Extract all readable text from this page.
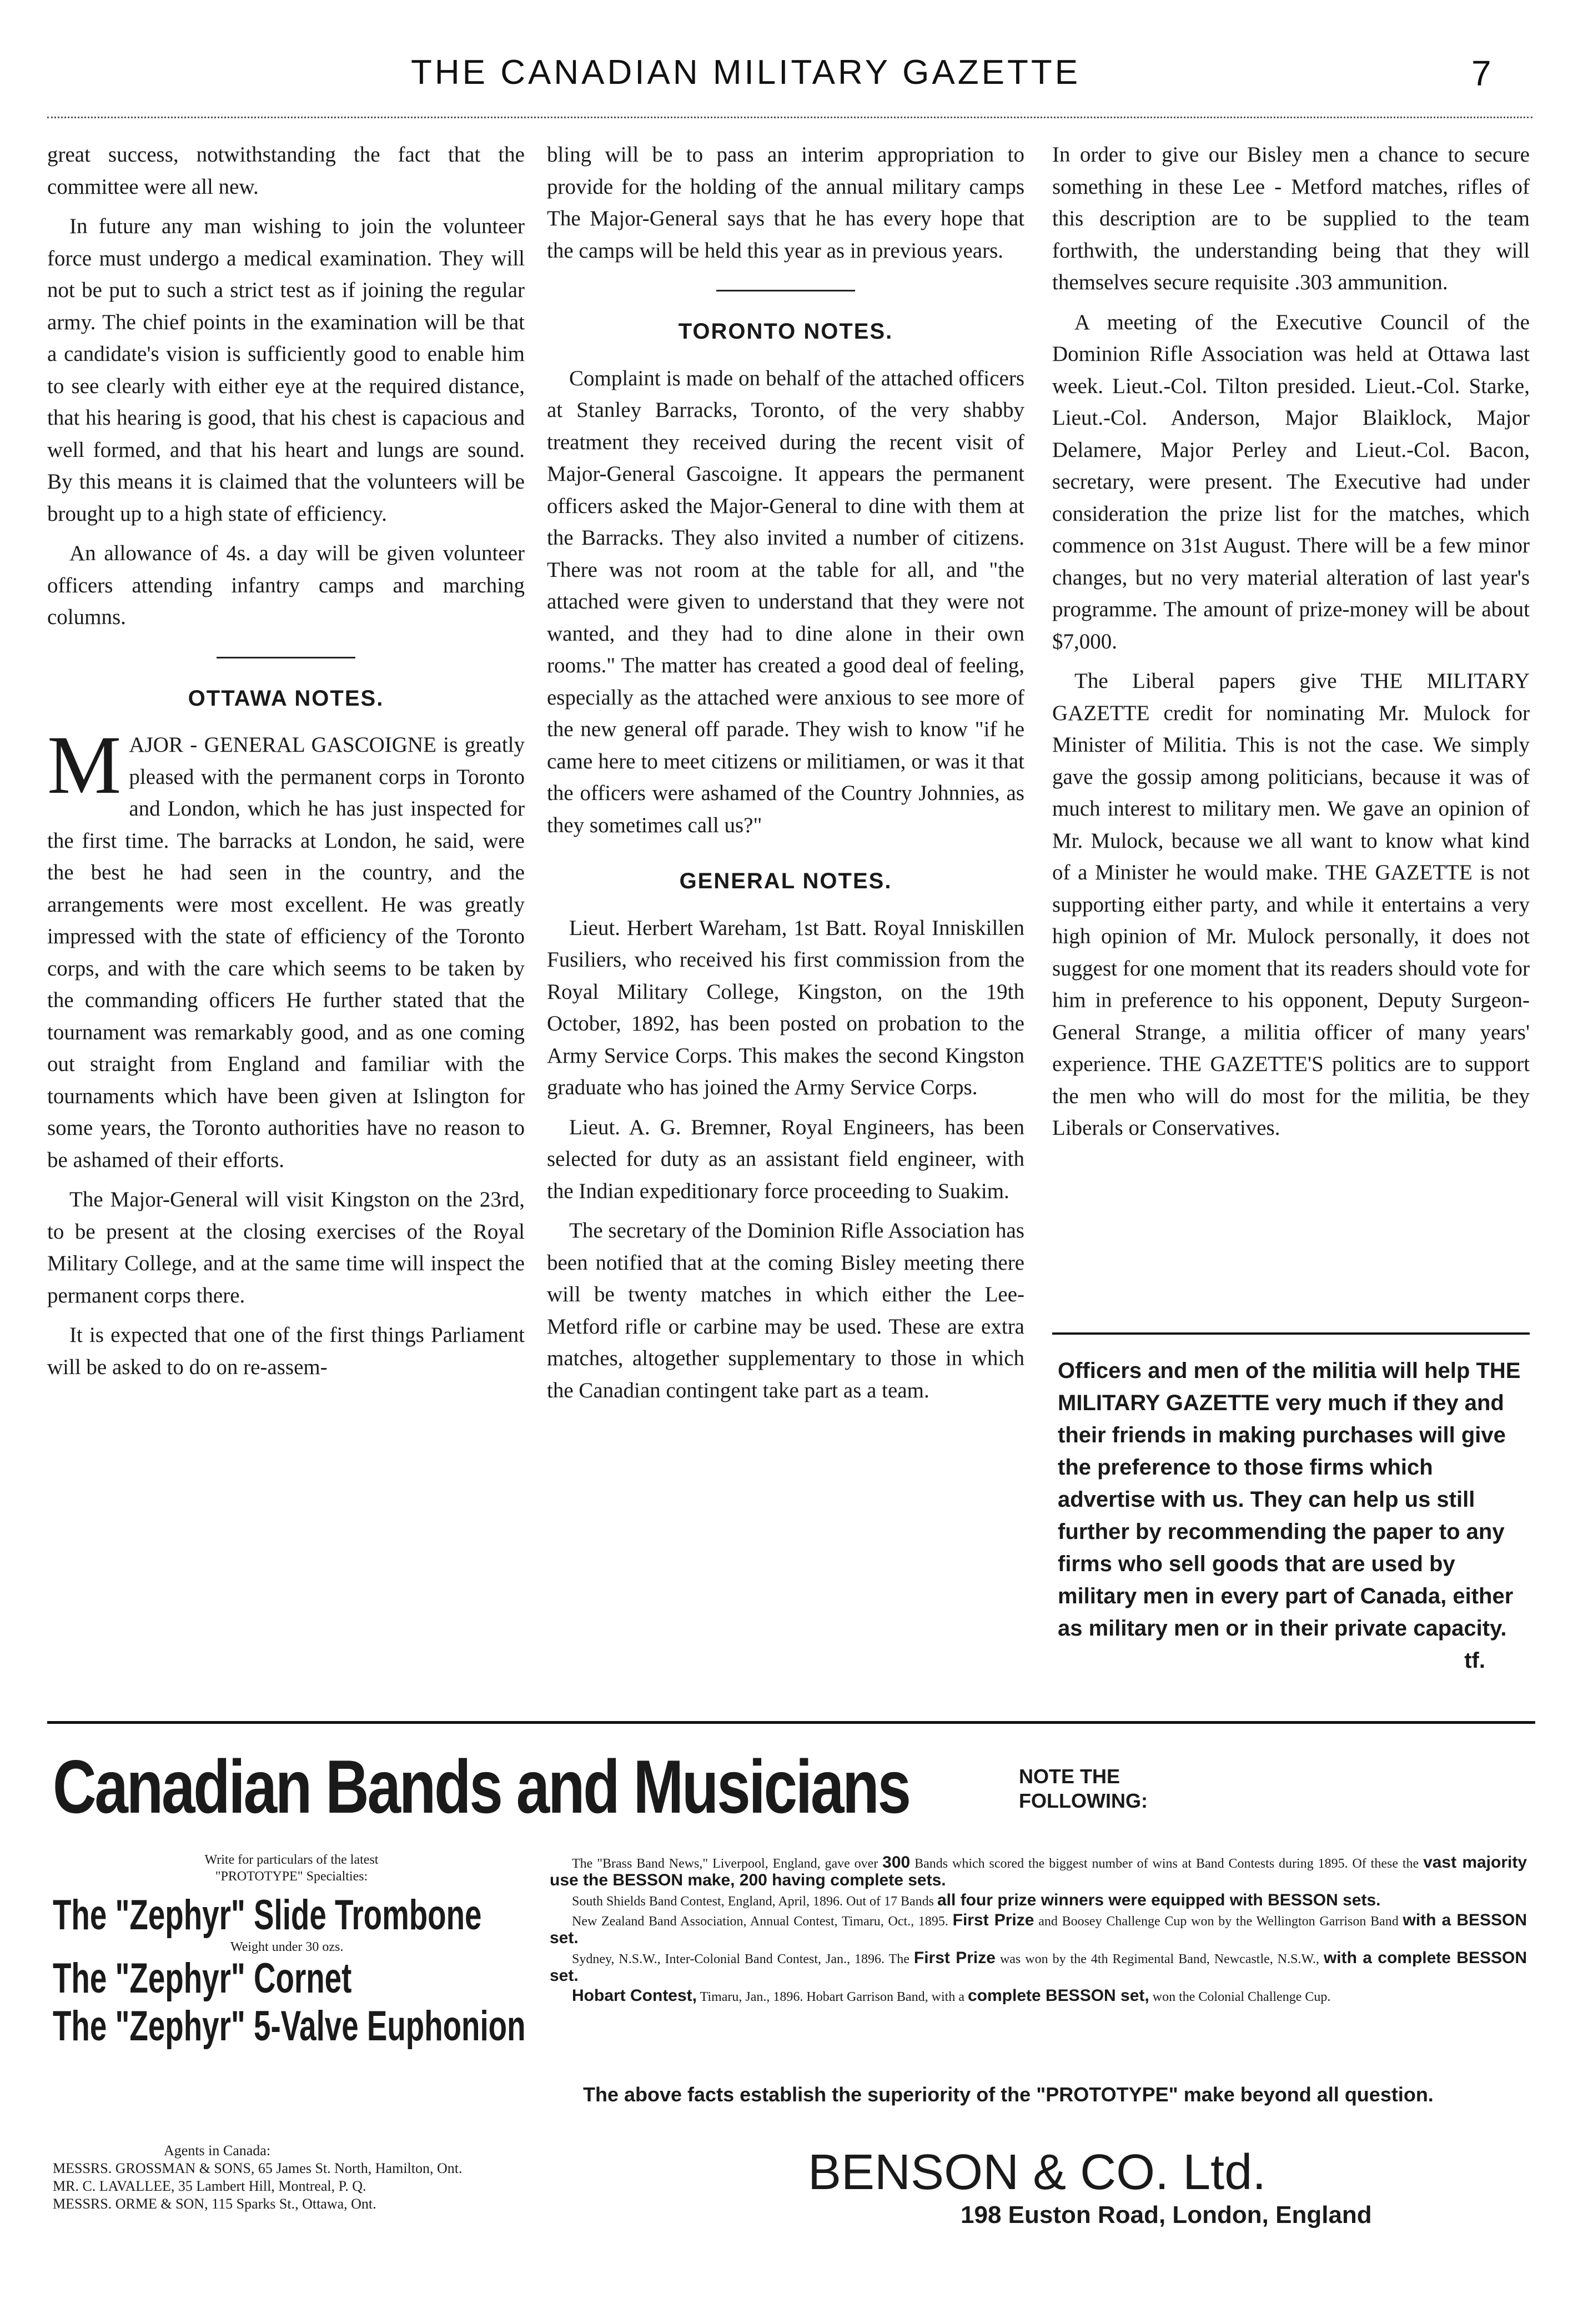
THE CANADIAN MILITARY GAZETTE	7

great success, notwithstanding the fact that the committee were all new.

In future any man wishing to join the volunteer force must undergo a medical examination. They will not be put to such a strict test as if joining the regular army. The chief points in the examination will be that a candidate's vision is sufficiently good to enable him to see clearly with either eye at the required distance, that his hearing is good, that his chest is capacious and well formed, and that his heart and lungs are sound. By this means it is claimed that the volunteers will be brought up to a high state of efficiency.

An allowance of 4s. a day will be given volunteer officers attending infantry camps and marching columns.

OTTAWA NOTES.

MAJOR - GENERAL GASCOIGNE is greatly pleased with the permanent corps in Toronto and London, which he has just inspected for the first time. The barracks at London, he said, were the best he had seen in the country, and the arrangements were most excellent. He was greatly impressed with the state of efficiency of the Toronto corps, and with the care which seems to be taken by the commanding officers He further stated that the tournament was remarkably good, and as one coming out straight from England and familiar with the tournaments which have been given at Islington for some years, the Toronto authorities have no reason to be ashamed of their efforts.

The Major-General will visit Kingston on the 23rd, to be present at the closing exercises of the Royal Military College, and at the same time will inspect the permanent corps there.

It is expected that one of the first things Parliament will be asked to do on re-assem-

bling will be to pass an interim appropriation to provide for the holding of the annual military camps The Major-General says that he has every hope that the camps will be held this year as in previous years.

TORONTO NOTES.

Complaint is made on behalf of the attached officers at Stanley Barracks, Toronto, of the very shabby treatment they received during the recent visit of Major-General Gascoigne. It appears the permanent officers asked the Major-General to dine with them at the Barracks. They also invited a number of citizens. There was not room at the table for all, and "the attached were given to understand that they were not wanted, and they had to dine alone in their own rooms." The matter has created a good deal of feeling, especially as the attached were anxious to see more of the new general off parade. They wish to know "if he came here to meet citizens or militiamen, or was it that the officers were ashamed of the Country Johnnies, as they sometimes call us?"

GENERAL NOTES.

Lieut. Herbert Wareham, 1st Batt. Royal Inniskillen Fusiliers, who received his first commission from the Royal Military College, Kingston, on the 19th October, 1892, has been posted on probation to the Army Service Corps. This makes the second Kingston graduate who has joined the Army Service Corps.

Lieut. A. G. Bremner, Royal Engineers, has been selected for duty as an assistant field engineer, with the Indian expeditionary force proceeding to Suakim.

The secretary of the Dominion Rifle Association has been notified that at the coming Bisley meeting there will be twenty matches in which either the Lee-Metford rifle or carbine may be used. These are extra matches, altogether supplementary to those in which the Canadian contingent take part as a team.

In order to give our Bisley men a chance to secure something in these Lee - Metford matches, rifles of this description are to be supplied to the team forthwith, the understanding being that they will themselves secure requisite .303 ammunition.

A meeting of the Executive Council of the Dominion Rifle Association was held at Ottawa last week. Lieut.-Col. Tilton presided. Lieut.-Col. Starke, Lieut.-Col. Anderson, Major Blaiklock, Major Delamere, Major Perley and Lieut.-Col. Bacon, secretary, were present. The Executive had under consideration the prize list for the matches, which commence on 31st August. There will be a few minor changes, but no very material alteration of last year's programme. The amount of prize-money will be about $7,000.

The Liberal papers give THE MILITARY GAZETTE credit for nominating Mr. Mulock for Minister of Militia. This is not the case. We simply gave the gossip among politicians, because it was of much interest to military men. We gave an opinion of Mr. Mulock, because we all want to know what kind of a Minister he would make. THE GAZETTE is not supporting either party, and while it entertains a very high opinion of Mr. Mulock personally, it does not suggest for one moment that its readers should vote for him in preference to his opponent, Deputy Surgeon-General Strange, a militia officer of many years' experience. THE GAZETTE'S politics are to support the men who will do most for the militia, be they Liberals or Conservatives.

Officers and men of the militia will help THE MILITARY GAZETTE very much if they and their friends in making purchases will give the preference to those firms which advertise with us. They can help us still further by recommending the paper to any firms who sell goods that are used by military men in every part of Canada, either as military men or in their private capacity.
tf.
Canadian Bands and Musicians	NOTE THE
FOLLOWING:
Write for particulars of the latest
"PROTOTYPE" Specialties:
The "Zephyr" Slide Trombone
Weight under 30 ozs.
The "Zephyr" Cornet
The "Zephyr" 5-Valve Euphonion

The "Brass Band News," Liverpool, England, gave over 300 Bands which scored the biggest number of wins at Band Contests during 1895. Of these the vast majority use the BESSON make, 200 having complete sets.

South Shields Band Contest, England, April, 1896. Out of 17 Bands all four prize winners were equipped with BESSON sets.

New Zealand Band Association, Annual Contest, Timaru, Oct., 1895. First Prize and Boosey Challenge Cup won by the Wellington Garrison Band with a BESSON set.

Sydney, N.S.W., Inter-Colonial Band Contest, Jan., 1896. The First Prize was won by the 4th Regimental Band, Newcastle, N.S.W., with a complete BESSON set.

Hobart Contest, Timaru, Jan., 1896. Hobart Garrison Band, with a complete BESSON set, won the Colonial Challenge Cup.

The above facts establish the superiority of the "PROTOTYPE" make beyond all question.
Agents in Canada:
MESSRS. GROSSMAN & SONS, 65 James St. North, Hamilton, Ont.
MR. C. LAVALLEE, 35 Lambert Hill, Montreal, P. Q.
MESSRS. ORME & SON, 115 Sparks St., Ottawa, Ont.
BENSON & CO. Ltd.
198 Euston Road, London, England
